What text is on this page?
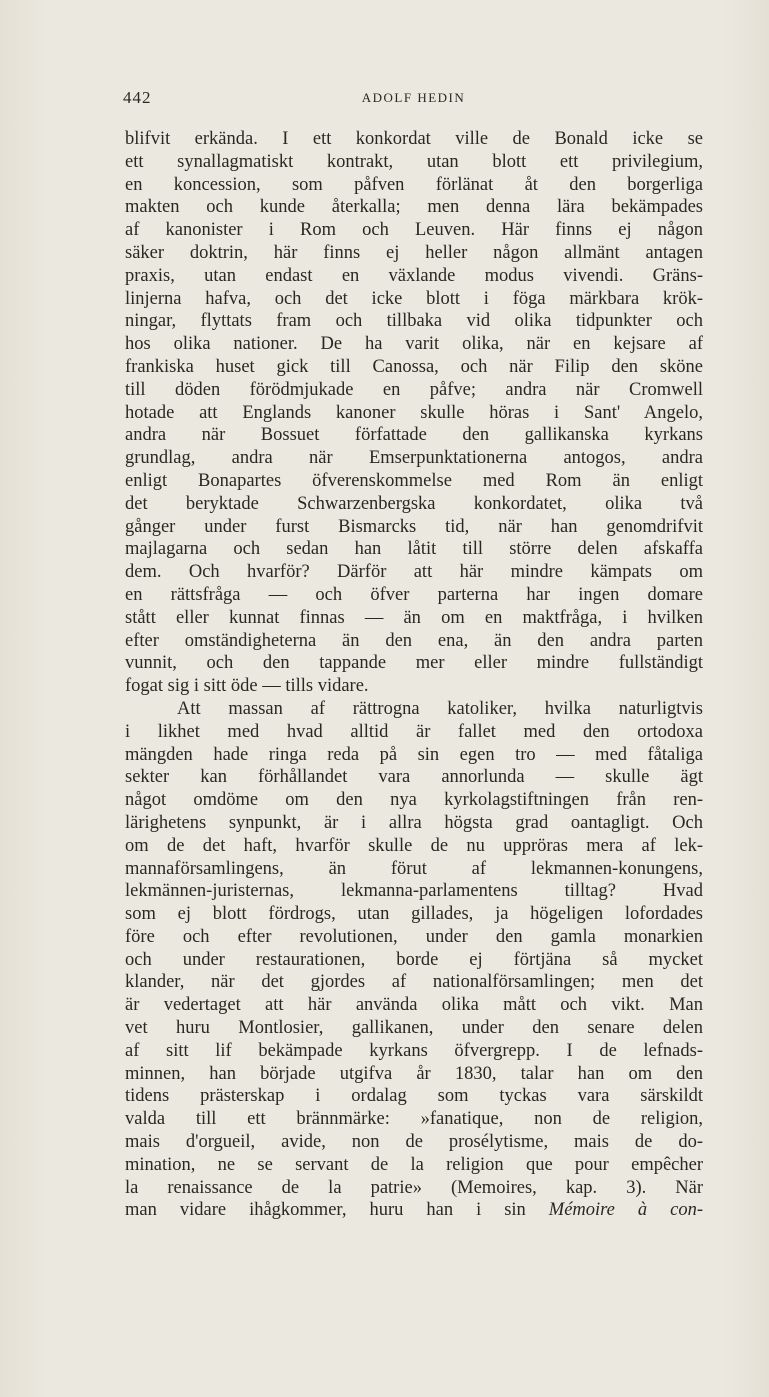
442	ADOLF HEDIN
blifvit erkända. I ett konkordat ville de Bonald icke se
ett synallagmatiskt kontrakt, utan blott ett privilegium,
en koncession, som påfven förlänat åt den borgerliga
makten och kunde återkalla; men denna lära bekämpades
af kanonister i Rom och Leuven. Här finns ej någon
säker doktrin, här finns ej heller någon allmänt antagen
praxis, utan endast en växlande modus vivendi. Gräns-
linjerna hafva, och det icke blott i föga märkbara krök-
ningar, flyttats fram och tillbaka vid olika tidpunkter och
hos olika nationer. De ha varit olika, när en kejsare af
frankiska huset gick till Canossa, och när Filip den sköne
till döden förödmjukade en påfve; andra när Cromwell
hotade att Englands kanoner skulle höras i Sant' Angelo,
andra när Bossuet författade den gallikanska kyrkans
grundlag, andra när Emserpunktationerna antogos, andra
enligt Bonapartes öfverenskommelse med Rom än enligt
det beryktade Schwarzenbergska konkordatet, olika två
gånger under furst Bismarcks tid, när han genomdrifvit
majlagarna och sedan han låtit till större delen afskaffa
dem. Och hvarför? Därför att här mindre kämpats om
en rättsfråga — och öfver parterna har ingen domare
stått eller kunnat finnas — än om en maktfråga, i hvilken
efter omständigheterna än den ena, än den andra parten
vunnit, och den tappande mer eller mindre fullständigt
fogat sig i sitt öde — tills vidare.
Att massan af rättrogna katoliker, hvilka naturligtvis
i likhet med hvad alltid är fallet med den ortodoxa
mängden hade ringa reda på sin egen tro — med fåtaliga
sekter kan förhållandet vara annorlunda — skulle ägt
något omdöme om den nya kyrkolagstiftningen från ren-
lärighetens synpunkt, är i allra högsta grad oantagligt. Och
om de det haft, hvarför skulle de nu uppröras mera af lek-
mannaförsamlingens, än förut af lekmannen-konungens,
lekmännen-juristernas, lekmanna-parlamentens tilltag? Hvad
som ej blott fördrogs, utan gillades, ja högeligen lofordades
före och efter revolutionen, under den gamla monarkien
och under restaurationen, borde ej förtjäna så mycket
klander, när det gjordes af nationalförsamlingen; men det
är vedertaget att här använda olika mått och vikt. Man
vet huru Montlosier, gallikanen, under den senare delen
af sitt lif bekämpade kyrkans öfvergrepp. I de lefnads-
minnen, han började utgifva år 1830, talar han om den
tidens prästerskap i ordalag som tyckas vara särskildt
valda till ett brännmärke: »fanatique, non de religion,
mais d'orgueil, avide, non de prosélytisme, mais de do-
mination, ne se servant de la religion que pour empêcher
la renaissance de la patrie» (Memoires, kap. 3). När
man vidare ihågkommer, huru han i sin Mémoire à con-
